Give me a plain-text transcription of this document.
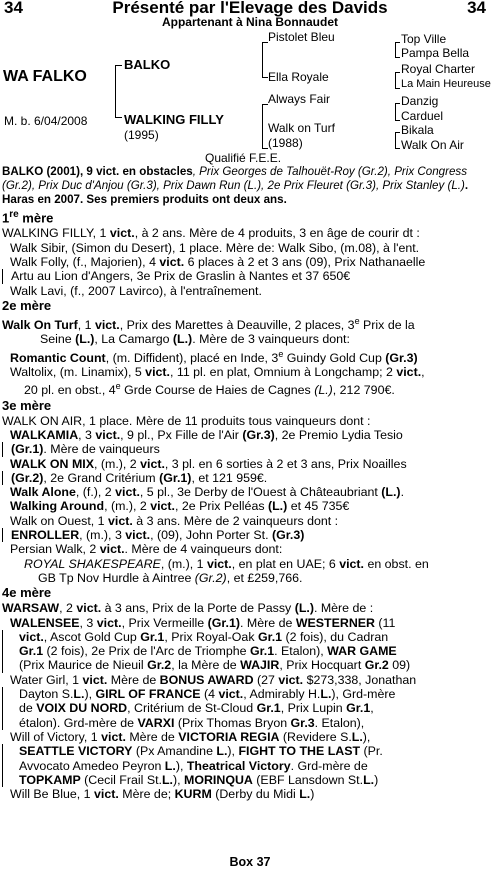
34	Présenté par l'Elevage des Davids	34
Appartenant à Nina Bonnaudet
WA FALKO
M. b. 6/04/2008
BALKO
WALKING FILLY
(1995)
Pistolet Bleu
Ella Royale
Always Fair
Walk on Turf
(1988)
Top Ville
Pampa Bella
Royal Charter
La Main Heureuse
Danzig
Carduel
Bikala
Walk On Air
Qualifié F.E.E.

BALKO (2001), 9 vict. en obstacles, Prix Georges de Talhouët-Roy (Gr.2), Prix Congress (Gr.2), Prix Duc d'Anjou (Gr.3), Prix Dawn Run (L.), 2e Prix Fleuret (Gr.3), Prix Stanley (L.). Haras en 2007. Ses premiers produits ont deux ans.

1re mère

WALKING FILLY, 1 vict., à 2 ans. Mère de 4 produits, 3 en âge de courir dt :

Walk Sibir, (Simon du Desert), 1 place. Mère de: Walk Sibo, (m.08), à l'ent.

Walk Folly, (f., Majorien), 4 vict. 6 places à 2 et 3 ans (09), Prix Nathanaelle

Artu au Lion d'Angers, 3e Prix de Graslin à Nantes et 37 650€

Walk Lavi, (f., 2007 Lavirco), à l'entraînement.

2e mère

Walk On Turf, 1 vict., Prix des Marettes à Deauville, 2 places, 3e Prix de la

Seine (L.), La Camargo (L.). Mère de 3 vainqueurs dont:

Romantic Count, (m. Diffident), placé en Inde, 3e Guindy Gold Cup (Gr.3)

Waltolix, (m. Linamix), 5 vict., 11 pl. en plat, Omnium à Longchamp; 2 vict.,

20 pl. en obst., 4e Grde Course de Haies de Cagnes (L.), 212 790€.

3e mère

WALK ON AIR, 1 place. Mère de 11 produits tous vainqueurs dont :

WALKAMIA, 3 vict., 9 pl., Px Fille de l'Air (Gr.3), 2e Premio Lydia Tesio

(Gr.1). Mère de vainqueurs

WALK ON MIX, (m.), 2 vict., 3 pl. en 6 sorties à 2 et 3 ans, Prix Noailles

(Gr.2), 2e Grand Critérium (Gr.1), et 121 959€.

Walk Alone, (f.), 2 vict., 5 pl., 3e Derby de l'Ouest à Châteaubriant (L.).

Walking Around, (m.), 2 vict., 2e Prix Pelléas (L.) et 45 735€

Walk on Ouest, 1 vict. à 3 ans. Mère de 2 vainqueurs dont :

ENROLLER, (m.), 3 vict., (09), John Porter St. (Gr.3)

Persian Walk, 2 vict.. Mère de 4 vainqueurs dont:

ROYAL SHAKESPEARE, (m.), 1 vict., en plat en UAE; 6 vict. en obst. en

GB Tp Nov Hurdle à Aintree (Gr.2), et £259,766.

4e mère

WARSAW, 2 vict. à 3 ans, Prix de la Porte de Passy (L.). Mère de :

WALENSEE, 3 vict., Prix Vermeille (Gr.1). Mère de WESTERNER (11

vict., Ascot Gold Cup Gr.1, Prix Royal-Oak Gr.1 (2 fois), du Cadran

Gr.1 (2 fois), 2e Prix de l'Arc de Triomphe Gr.1. Etalon), WAR GAME

(Prix Maurice de Nieuil Gr.2, la Mère de WAJIR, Prix Hocquart Gr.2 09)

Water Girl, 1 vict. Mère de BONUS AWARD (27 vict. $273,338, Jonathan

Dayton S.L.), GIRL OF FRANCE (4 vict., Admirably H.L.), Grd-mère

de VOIX DU NORD, Critérium de St-Cloud Gr.1, Prix Lupin Gr.1,

étalon). Grd-mère de VARXI (Prix Thomas Bryon Gr.3. Etalon),

Will of Victory, 1 vict. Mère de VICTORIA REGIA (Revidere S.L.),

SEATTLE VICTORY (Px Amandine L.), FIGHT TO THE LAST (Pr.

Avvocato Amedeo Peyron L.), Theatrical Victory. Grd-mère de

TOPKAMP (Cecil Frail St.L.), MORINQUA (EBF Lansdown St.L.)

Will Be Blue, 1 vict. Mère de; KURM (Derby du Midi L.)

Box 37
